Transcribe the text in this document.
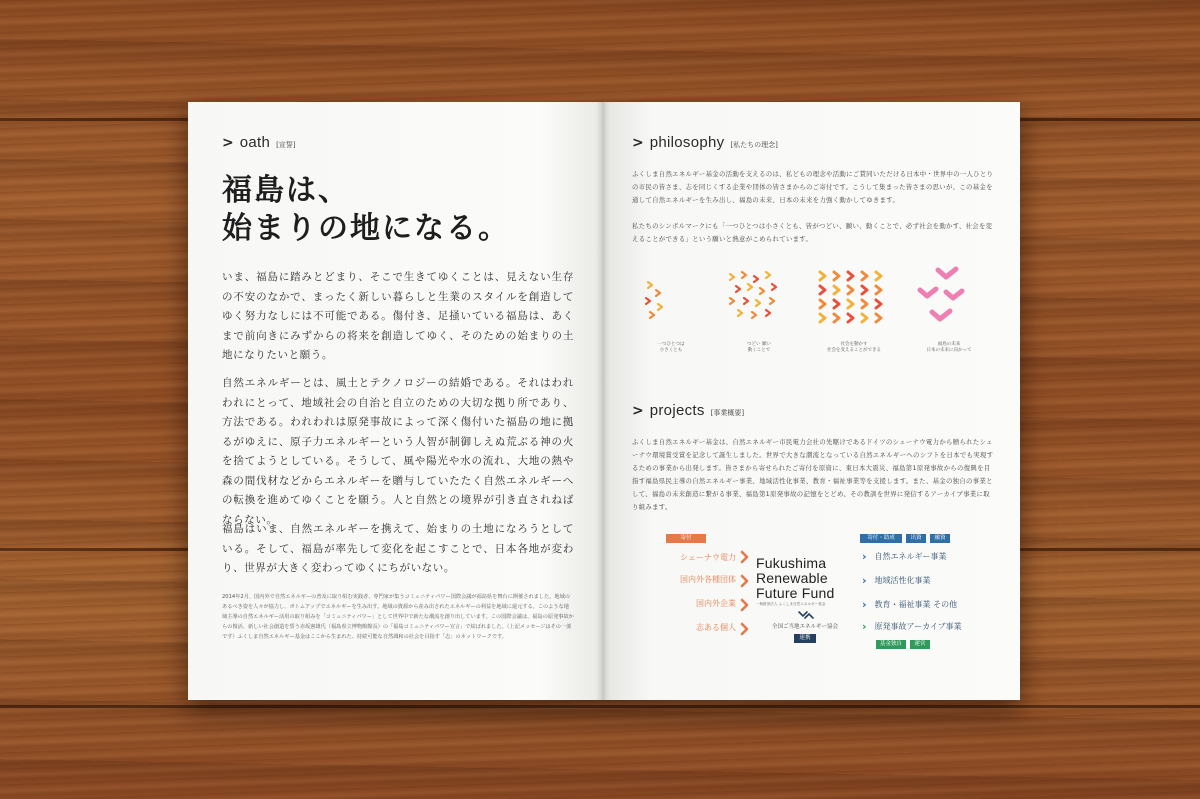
> oath [宣誓]
福島は、
始まりの地になる。

いま、福島に踏みとどまり、そこで生きてゆくことは、見えない生存の不安のなかで、まったく新しい暮らしと生業のスタイルを創造してゆく努力なしには不可能である。傷付き、足掻いている福島は、あくまで前向きにみずからの将来を創造してゆく、そのための始まりの土地になりたいと願う。

自然エネルギーとは、風土とテクノロジーの結婚である。それはわれわれにとって、地域社会の自治と自立のための大切な拠り所であり、方法である。われわれは原発事故によって深く傷付いた福島の地に拠るがゆえに、原子力エネルギーという人智が制御しえぬ荒ぶる神の火を捨てようとしている。そうして、風や陽光や水の流れ、大地の熱や森の間伐材などからエネルギーを贈与していたたく自然エネルギーへの転換を進めてゆくことを願う。人と自然との境界が引き直されねばならない。

福島はいま、自然エネルギーを携えて、始まりの土地になろうとしている。そして、福島が率先して変化を起こすことで、日本各地が変わり、世界が大きく変わってゆくにちがいない。

2014年2月、国内外で自然エネルギーの普及に取り組む実践者、専門家が集うコミュニティパワー国際会議が福島県を舞台に開催されました。地域のあるべき姿を人々が協力し、ボトムアップでエネルギーを生み出す。地域の資源から産み出されたエネルギーの利益を地域に還元する。このような地域主導の自然エネルギー活用の取り組みを「コミュニティパワー」として世界中で新たな潮流を創り出しています。この国際会議は、福島の原発事故からの復活、新しい社会創造を誓う赤坂憲雄氏（福島県立博物館館長）の「福島コミュニティパワー宣言」で結ばれました。（上記メッセージはその一部です）ふくしま自然エネルギー基金はここから生まれた、持続可能な自然調和の社会を目指す「志」のネットワークです。

> philosophy [私たちの理念]

ふくしま自然エネルギー基金の活動を支えるのは、私どもの理念や活動にご賛同いただける日本中・世界中の一人ひとりの市民の皆さま、志を同じくする企業や団体の皆さまからのご寄付です。こうして集まった皆さまの思いが、この基金を通して自然エネルギーを生み出し、福島の未来、日本の未来を力強く動かしてゆきます。

私たちのシンボルマークにも「一つひとつは小さくとも、皆がつどい、願い、動くことで、必ず社会を動かす、社会を変えることができる」という願いと熱意がこめられています。

一つひとつは
小さくとも
つどい 願い
動くことで
社会を動かす
社会を変えることができる
福島の未来
日本の未来に向かって
> projects [事業概要]

ふくしま自然エネルギー基金は、自然エネルギー市民電力会社の先駆けであるドイツのシェーナウ電力から贈られたシェーナウ環境賞受賞を記念して誕生しました。世界で大きな潮流となっている自然エネルギーへのシフトを日本でも実現するための事業から出発します。皆さまから寄せられたご寄付を原資に、東日本大震災、福島第1原発事故からの復興を目指す福島県民主導の自然エネルギー事業、地域活性化事業、教育・福祉事業等を支援します。また、基金の独自の事業として、福島の未来創造に繋がる事業、福島第1原発事故の記憶をとどめ、その教訓を世界に発信するアーカイブ事業に取り組みます。

寄付
シェーナウ電力
国内外各種団体
国内外企業
志ある個人
Fukushima
Renewable
Future Fund
一般財団法人 ふくしま自然エネルギー基金
全国ご当地エネルギー協会
連携
寄付・助成	出資	融資
› 自然エネルギー事業
› 地域活性化事業
› 教育・福祉事業 その他
› 原発事故アーカイブ事業
基金独自	運営
